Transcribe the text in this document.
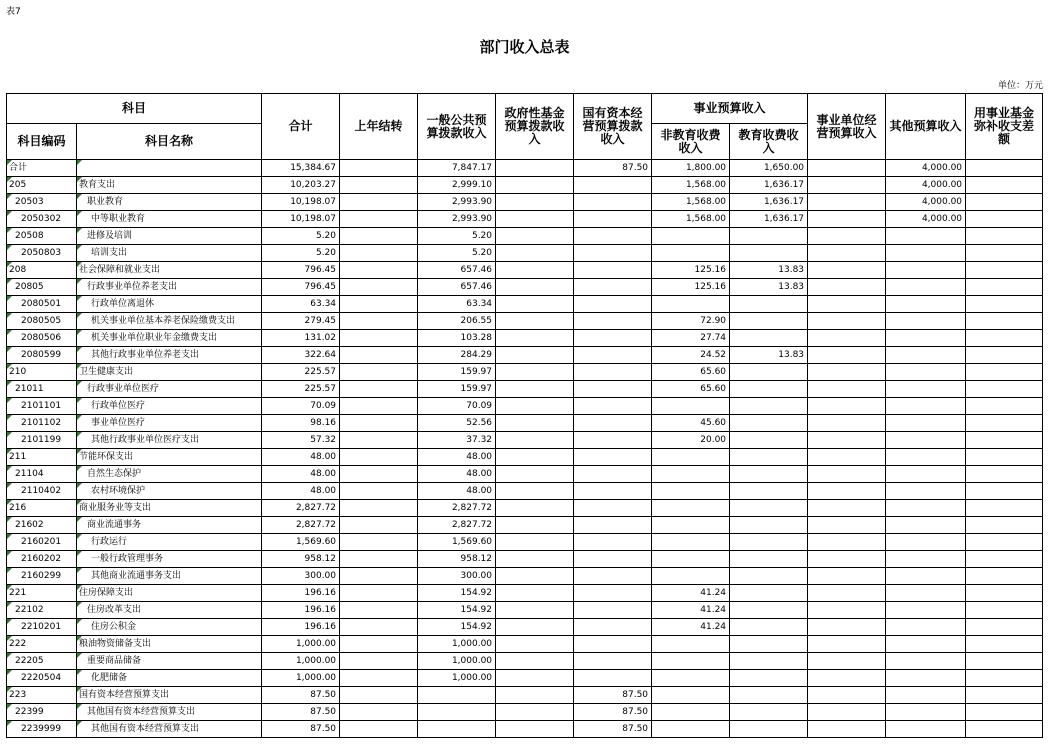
表7
部门收入总表
单位：万元
科目		合计	上年结转	一般公共预算拨款收入	政府性基金预算拨款收入	国有资本经营预算拨款收入	事业预算收入		事业单位经营预算收入	其他预算收入	用事业基金弥补收支差额
科目编码	科目名称						非教育收费收入	教育收费收入			
合计		15,384.67		7,847.17		87.50	1,800.00	1,650.00		4,000.00	
205	教育支出	10,203.27		2,999.10			1,568.00	1,636.17		4,000.00	
20503	职业教育	10,198.07		2,993.90			1,568.00	1,636.17		4,000.00	
2050302	中等职业教育	10,198.07		2,993.90			1,568.00	1,636.17		4,000.00	
20508	进修及培训	5.20		5.20							
2050803	培训支出	5.20		5.20							
208	社会保障和就业支出	796.45		657.46			125.16	13.83			
20805	行政事业单位养老支出	796.45		657.46			125.16	13.83			
2080501	行政单位离退休	63.34		63.34							
2080505	机关事业单位基本养老保险缴费支出	279.45		206.55			72.90				
2080506	机关事业单位职业年金缴费支出	131.02		103.28			27.74				
2080599	其他行政事业单位养老支出	322.64		284.29			24.52	13.83			
210	卫生健康支出	225.57		159.97			65.60				
21011	行政事业单位医疗	225.57		159.97			65.60				
2101101	行政单位医疗	70.09		70.09							
2101102	事业单位医疗	98.16		52.56			45.60				
2101199	其他行政事业单位医疗支出	57.32		37.32			20.00				
211	节能环保支出	48.00		48.00							
21104	自然生态保护	48.00		48.00							
2110402	农村环境保护	48.00		48.00							
216	商业服务业等支出	2,827.72		2,827.72							
21602	商业流通事务	2,827.72		2,827.72							
2160201	行政运行	1,569.60		1,569.60							
2160202	一般行政管理事务	958.12		958.12							
2160299	其他商业流通事务支出	300.00		300.00							
221	住房保障支出	196.16		154.92			41.24				
22102	住房改革支出	196.16		154.92			41.24				
2210201	住房公积金	196.16		154.92			41.24				
222	粮油物资储备支出	1,000.00		1,000.00							
22205	重要商品储备	1,000.00		1,000.00							
2220504	化肥储备	1,000.00		1,000.00							
223	国有资本经营预算支出	87.50				87.50					
22399	其他国有资本经营预算支出	87.50				87.50					
2239999	其他国有资本经营预算支出	87.50				87.50					
